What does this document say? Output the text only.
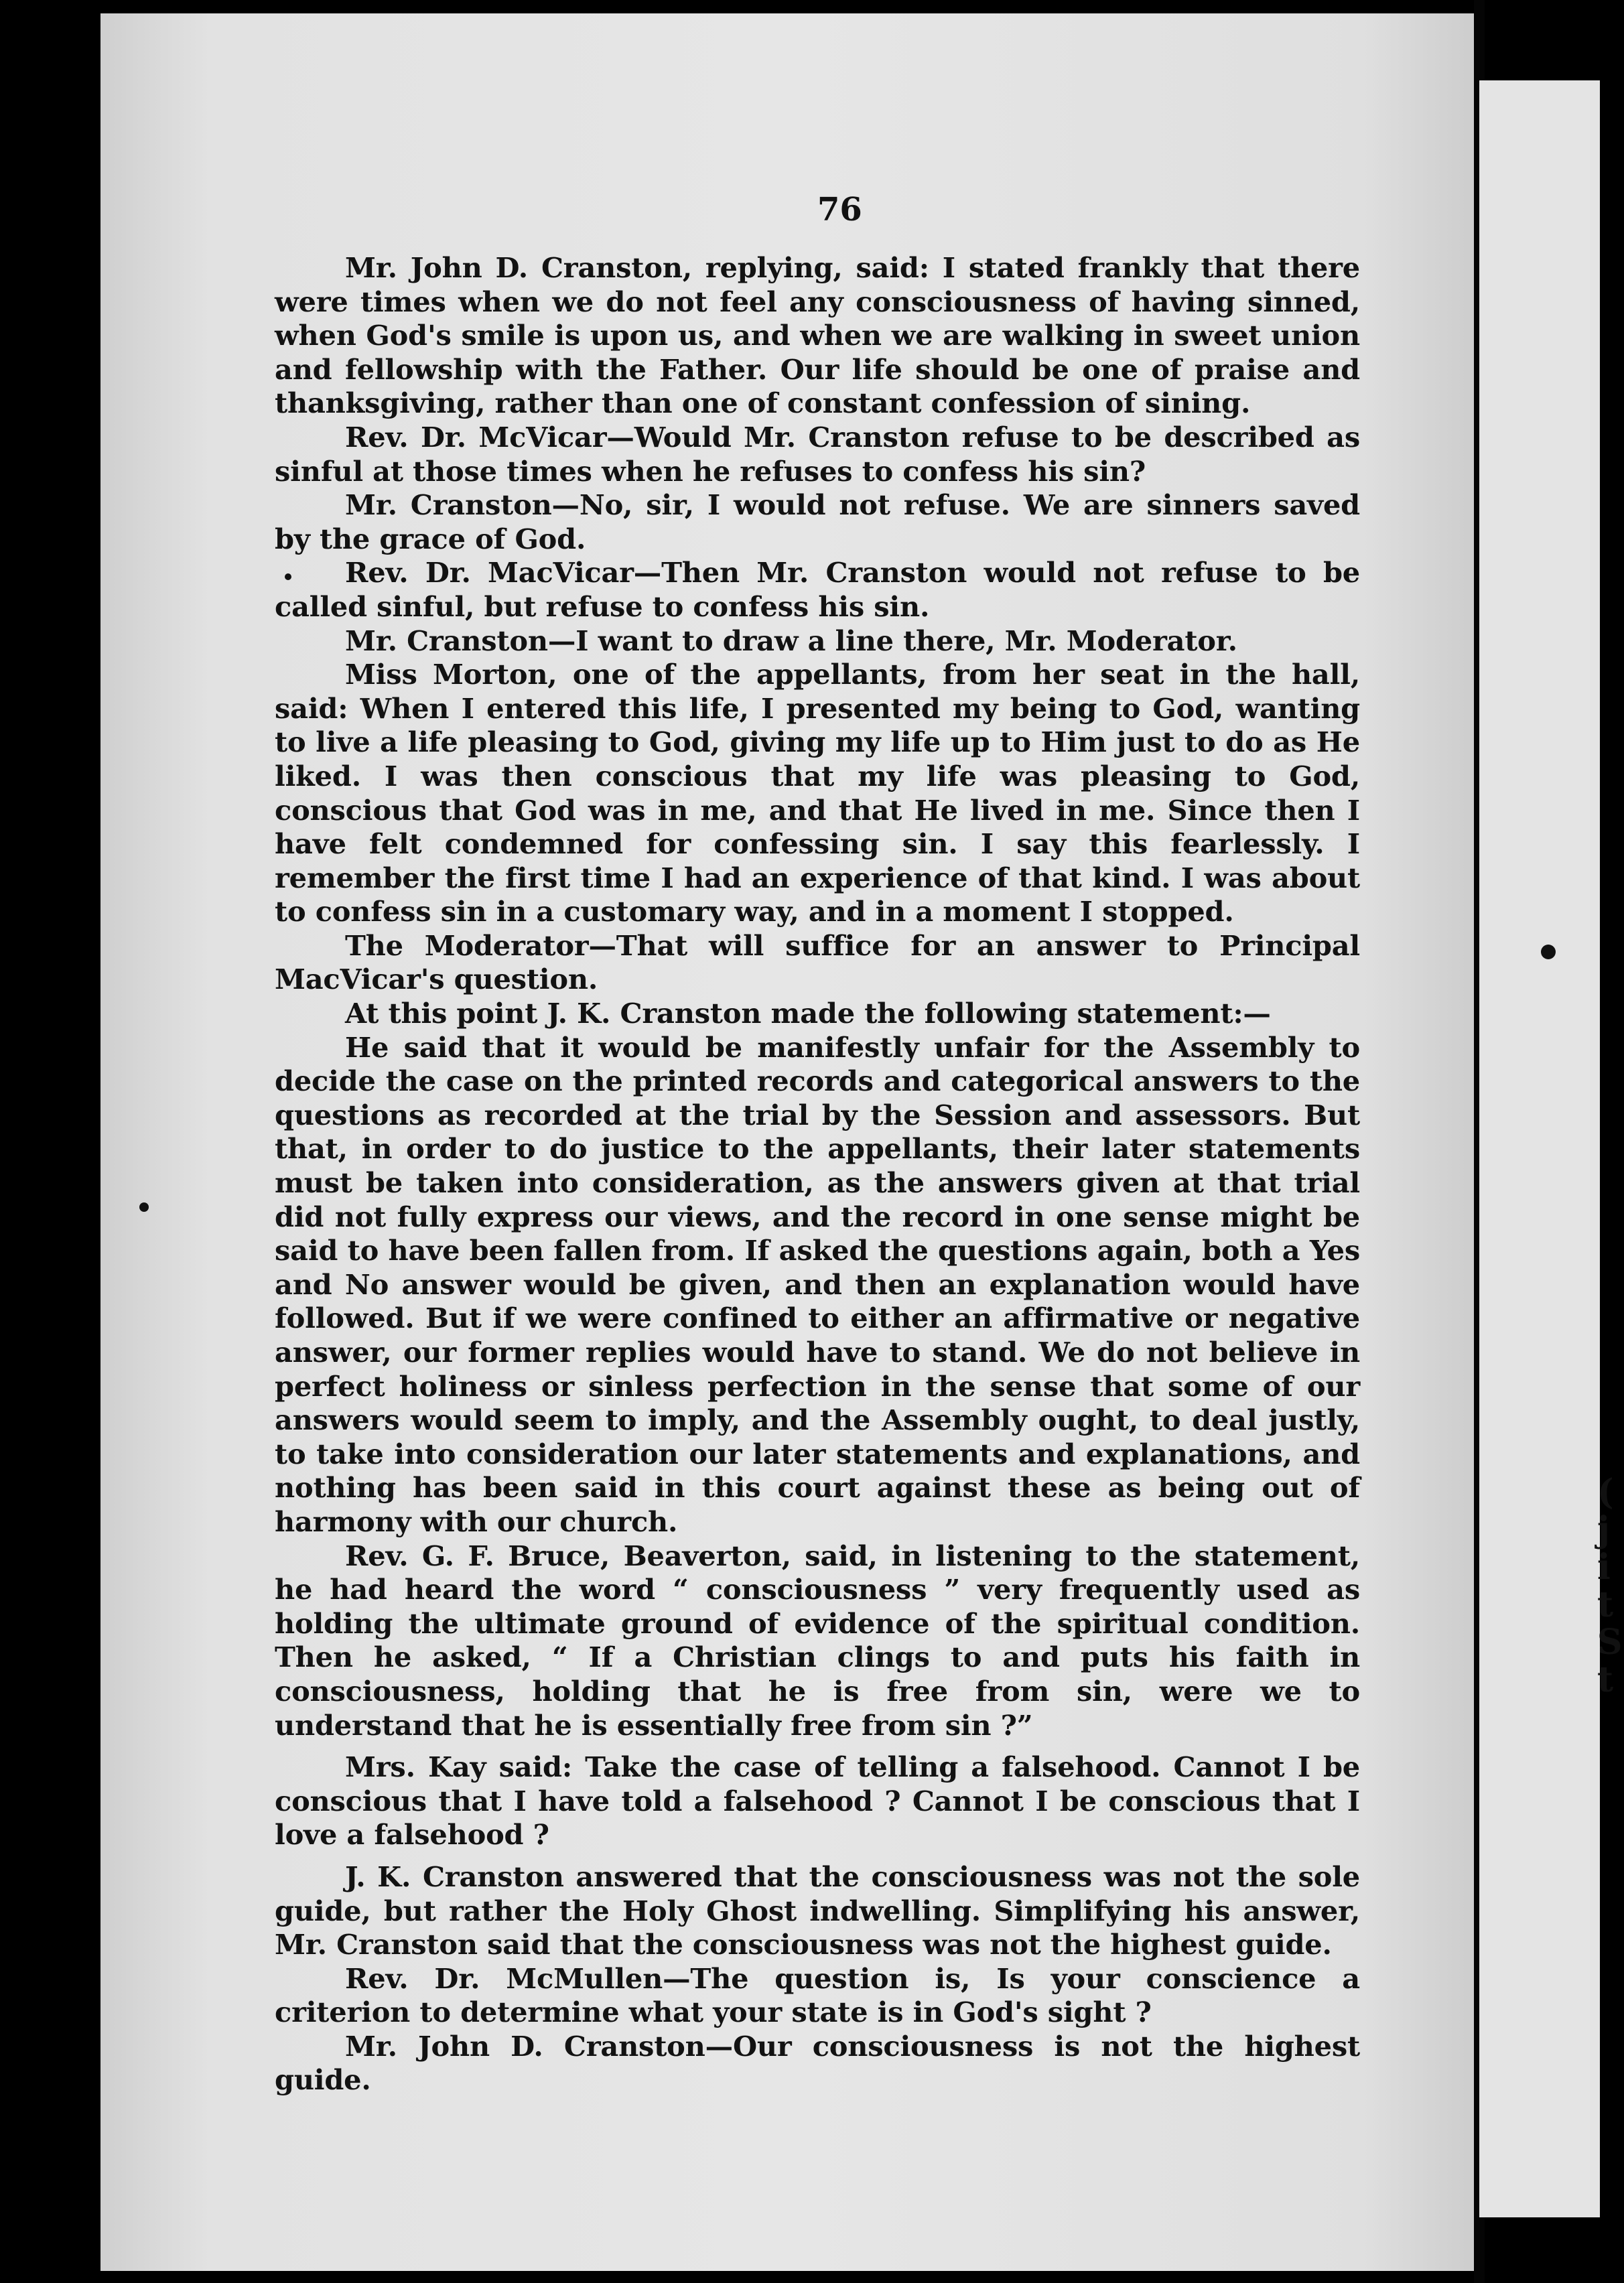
76

Mr. John D. Cranston, replying, said: I stated frankly that there were times when we do not feel any consciousness of having sinned, when God's smile is upon us, and when we are walking in sweet union and fellowship with the Father. Our life should be one of praise and thanksgiving, rather than one of constant confession of sining.

Rev. Dr. McVicar—Would Mr. Cranston refuse to be described as sinful at those times when he refuses to confess his sin?

Mr. Cranston—No, sir, I would not refuse. We are sinners saved by the grace of God.

Rev. Dr. MacVicar—Then Mr. Cranston would not refuse to be called sinful, but refuse to confess his sin.

Mr. Cranston—I want to draw a line there, Mr. Moderator.

Miss Morton, one of the appellants, from her seat in the hall, said: When I entered this life, I presented my being to God, wanting to live a life pleasing to God, giving my life up to Him just to do as He liked. I was then conscious that my life was pleasing to God, conscious that God was in me, and that He lived in me. Since then I have felt condemned for confessing sin. I say this fearlessly. I remember the first time I had an experience of that kind. I was about to confess sin in a customary way, and in a moment I stopped.

The Moderator—That will suffice for an answer to Principal MacVicar's question.

At this point J. K. Cranston made the following statement:—

He said that it would be manifestly unfair for the Assembly to decide the case on the printed records and categorical answers to the questions as recorded at the trial by the Session and assessors. But that, in order to do justice to the appellants, their later statements must be taken into consideration, as the answers given at that trial did not fully express our views, and the record in one sense might be said to have been fallen from. If asked the questions again, both a Yes and No answer would be given, and then an explanation would have followed. But if we were confined to either an affirmative or negative answer, our former replies would have to stand. We do not believe in perfect holiness or sinless perfection in the sense that some of our answers would seem to imply, and the Assembly ought, to deal justly, to take into consideration our later statements and explanations, and nothing has been said in this court against these as being out of harmony with our church.

Rev. G. F. Bruce, Beaverton, said, in listening to the statement, he had heard the word “ consciousness ” very frequently used as holding the ultimate ground of evidence of the spiritual condition. Then he asked, “ If a Christian clings to and puts his faith in consciousness, holding that he is free from sin, were we to understand that he is essentially free from sin ?”

Mrs. Kay said: Take the case of telling a falsehood. Cannot I be conscious that I have told a falsehood ? Cannot I be conscious that I love a falsehood ?

J. K. Cranston answered that the consciousness was not the sole guide, but rather the Holy Ghost indwelling. Simplifying his answer, Mr. Cranston said that the consciousness was not the highest guide.

Rev. Dr. McMullen—The question is, Is your conscience a criterion to determine what your state is in God's sight ?

Mr. John D. Cranston—Our consciousness is not the highest guide.

(
j
i
t
S
t
